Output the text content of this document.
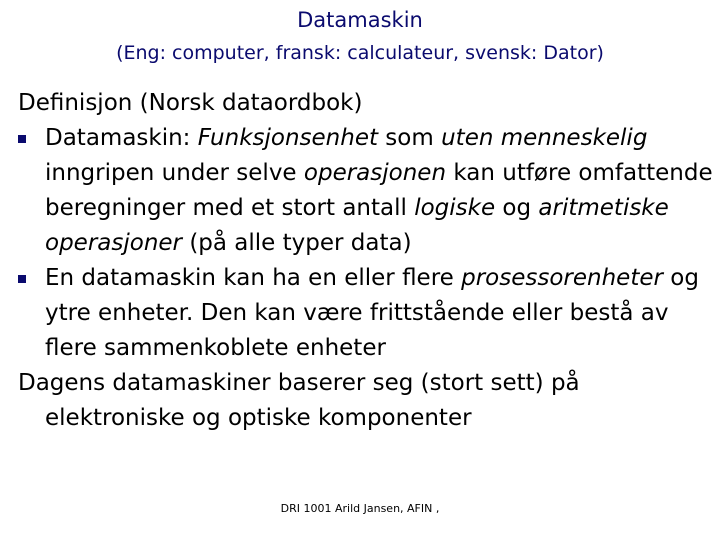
Datamaskin
(Eng: computer, fransk: calculateur, svensk: Dator)

Definisjon (Norsk dataordbok)

Datamaskin: Funksjonsenhet som uten menneskelig inngripen under selve operasjonen kan utføre omfattende beregninger med et stort antall logiske og aritmetiske operasjoner (på alle typer data)
En datamaskin kan ha en eller flere prosessorenheter og ytre enheter. Den kan være frittstående eller bestå av flere sammenkoblete enheter

Dagens datamaskiner baserer seg (stort sett) på elektroniske og optiske komponenter

DRI 1001 Arild Jansen, AFIN ,
